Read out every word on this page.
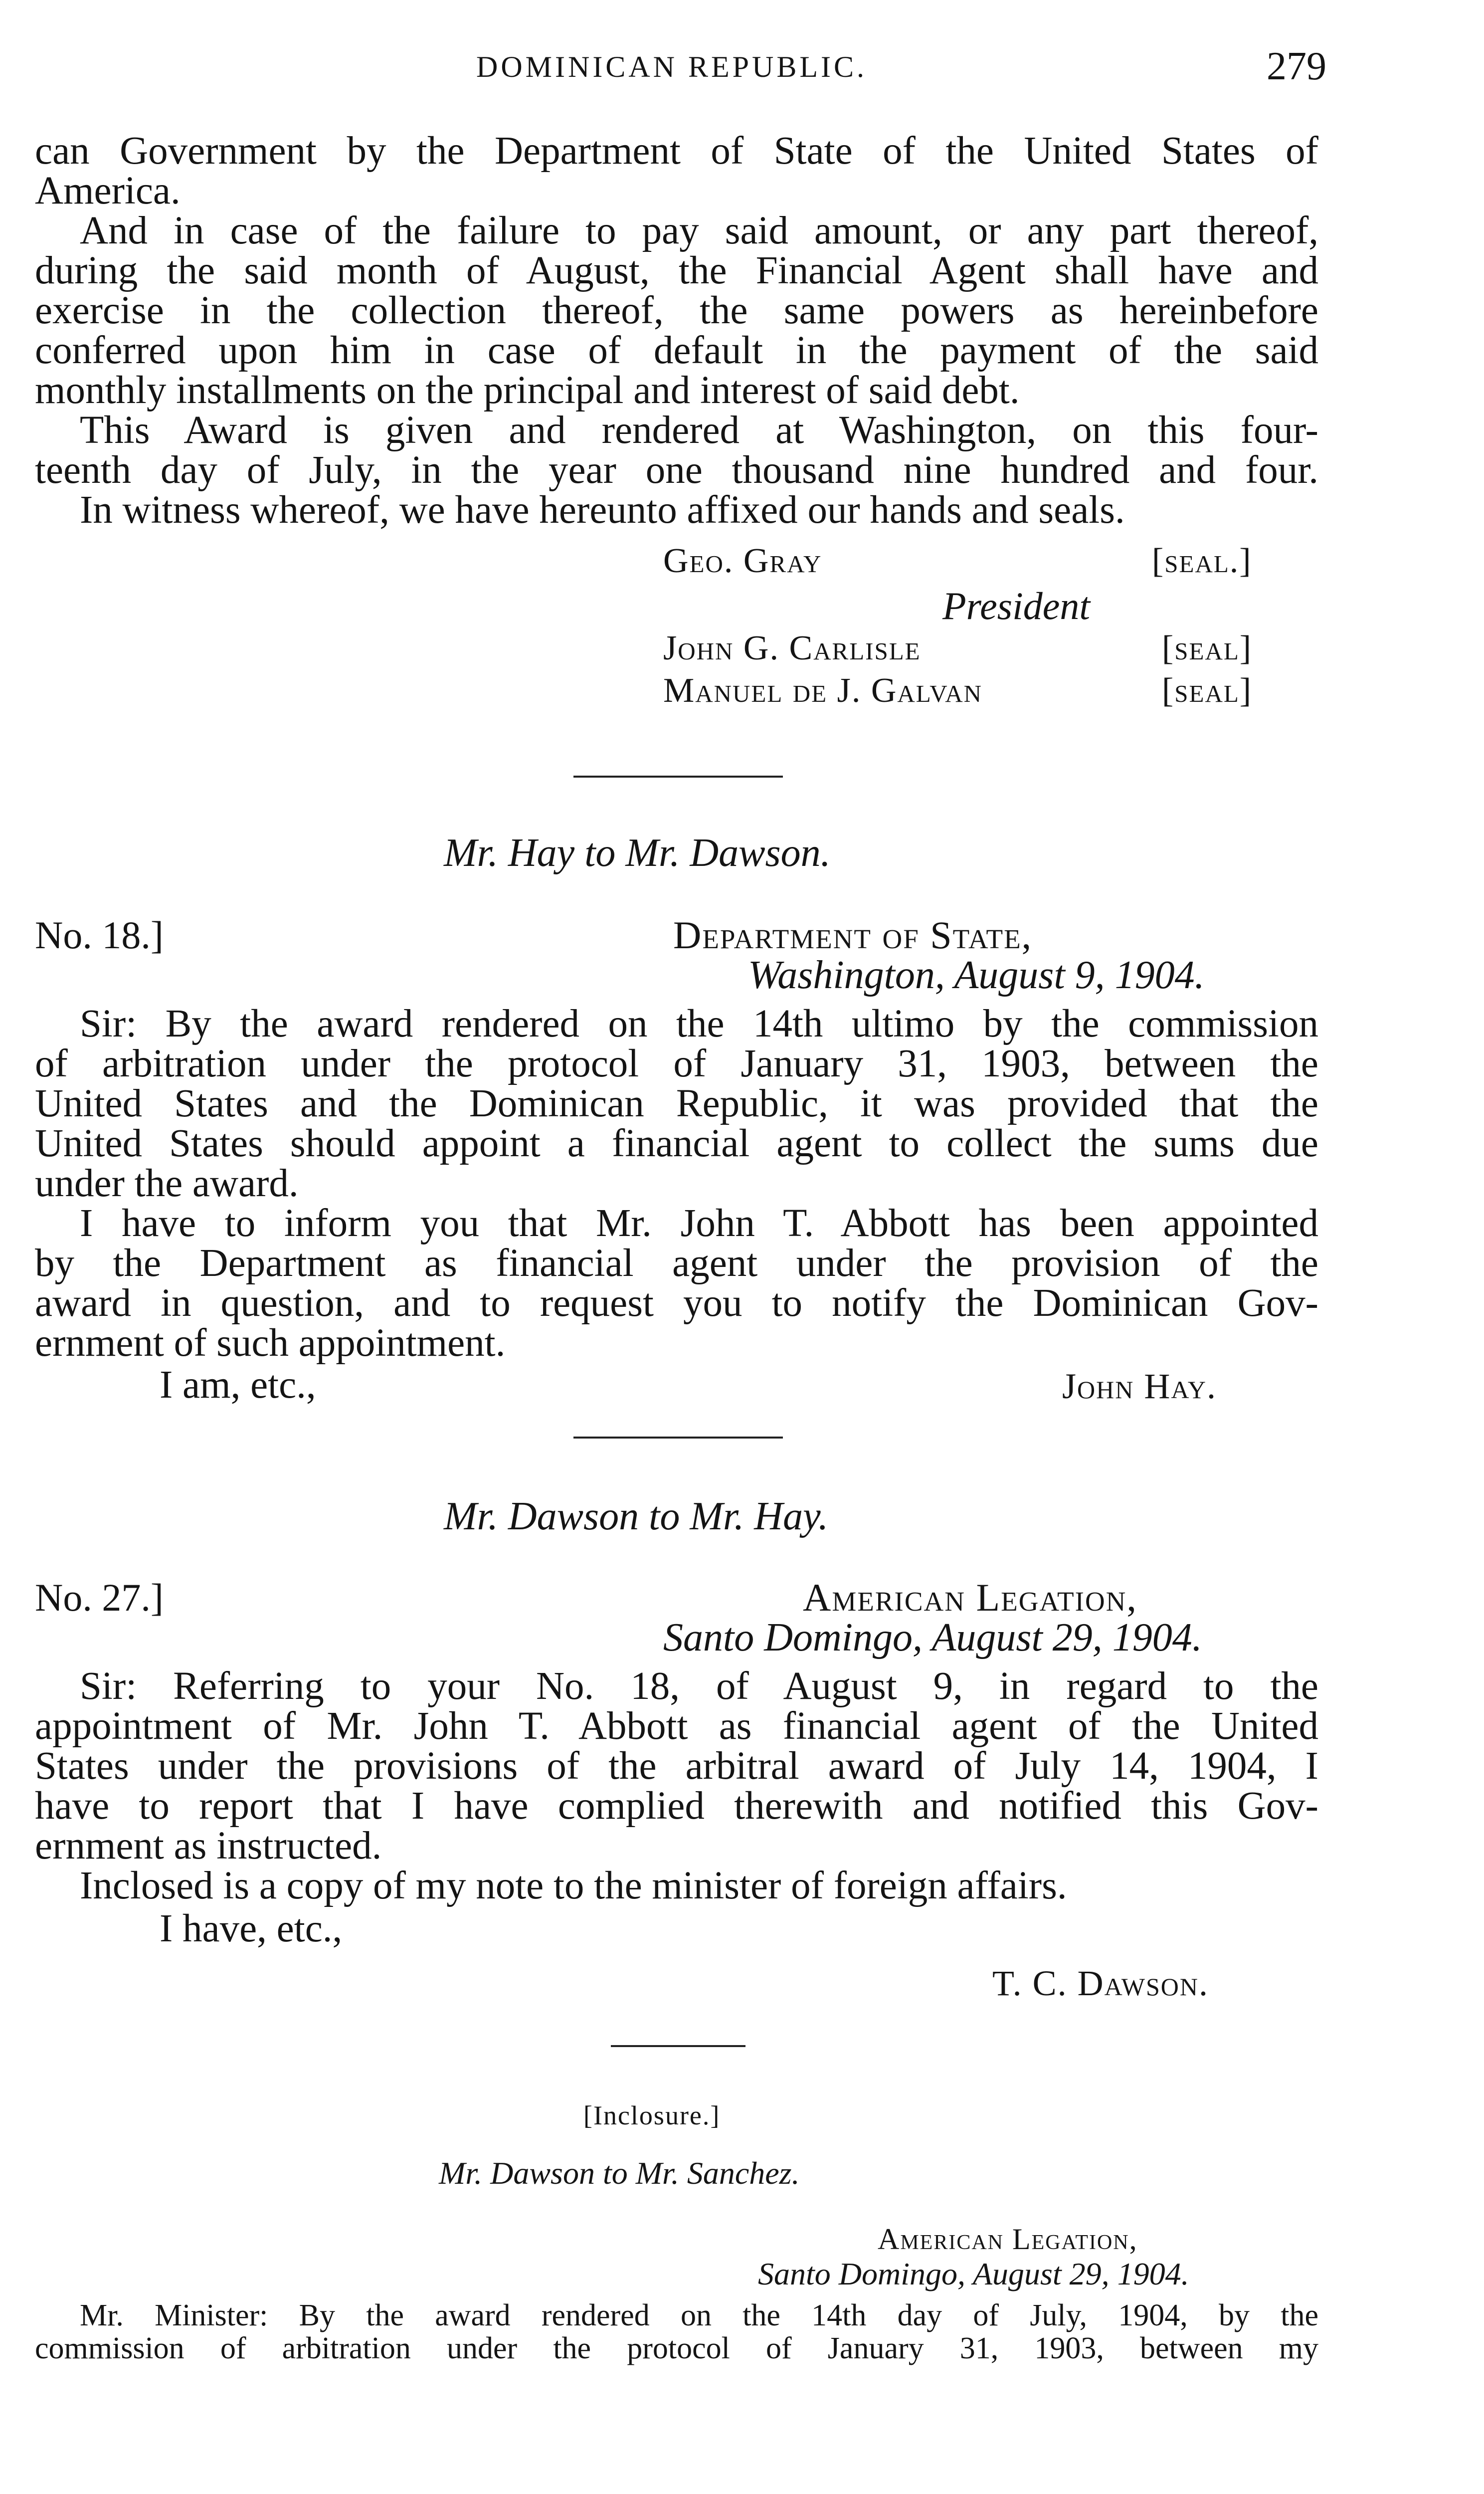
DOMINICAN REPUBLIC.	279
can Government by the Department of State of the United States of
America.
And in case of the failure to pay said amount, or any part thereof,
during the said month of August, the Financial Agent shall have and
exercise in the collection thereof, the same powers as hereinbefore
conferred upon him in case of default in the payment of the said
monthly installments on the principal and interest of said debt.
This Award is given and rendered at Washington, on this four-
teenth day of July, in the year one thousand nine hundred and four.
In witness whereof, we have hereunto affixed our hands and seals.
Geo. Gray	[seal.]
President
John G. Carlisle	[seal]
Manuel de J. Galvan	[seal]
Mr. Hay to Mr. Dawson.
No. 18.]	Department of State,
Washington, August 9, 1904.
Sir: By the award rendered on the 14th ultimo by the commission
of arbitration under the protocol of January 31, 1903, between the
United States and the Dominican Republic, it was provided that the
United States should appoint a financial agent to collect the sums due
under the award.
I have to inform you that Mr. John T. Abbott has been appointed
by the Department as financial agent under the provision of the
award in question, and to request you to notify the Dominican Gov-
ernment of such appointment.
I am, etc.,	John Hay.
Mr. Dawson to Mr. Hay.
No. 27.]	American Legation,
Santo Domingo, August 29, 1904.
Sir: Referring to your No. 18, of August 9, in regard to the
appointment of Mr. John T. Abbott as financial agent of the United
States under the provisions of the arbitral award of July 14, 1904, I
have to report that I have complied therewith and notified this Gov-
ernment as instructed.
Inclosed is a copy of my note to the minister of foreign affairs.
I have, etc.,
T. C. Dawson.
[Inclosure.]
Mr. Dawson to Mr. Sanchez.
American Legation,
Santo Domingo, August 29, 1904.
Mr. Minister: By the award rendered on the 14th day of July, 1904, by the
commission of arbitration under the protocol of January 31, 1903, between my
